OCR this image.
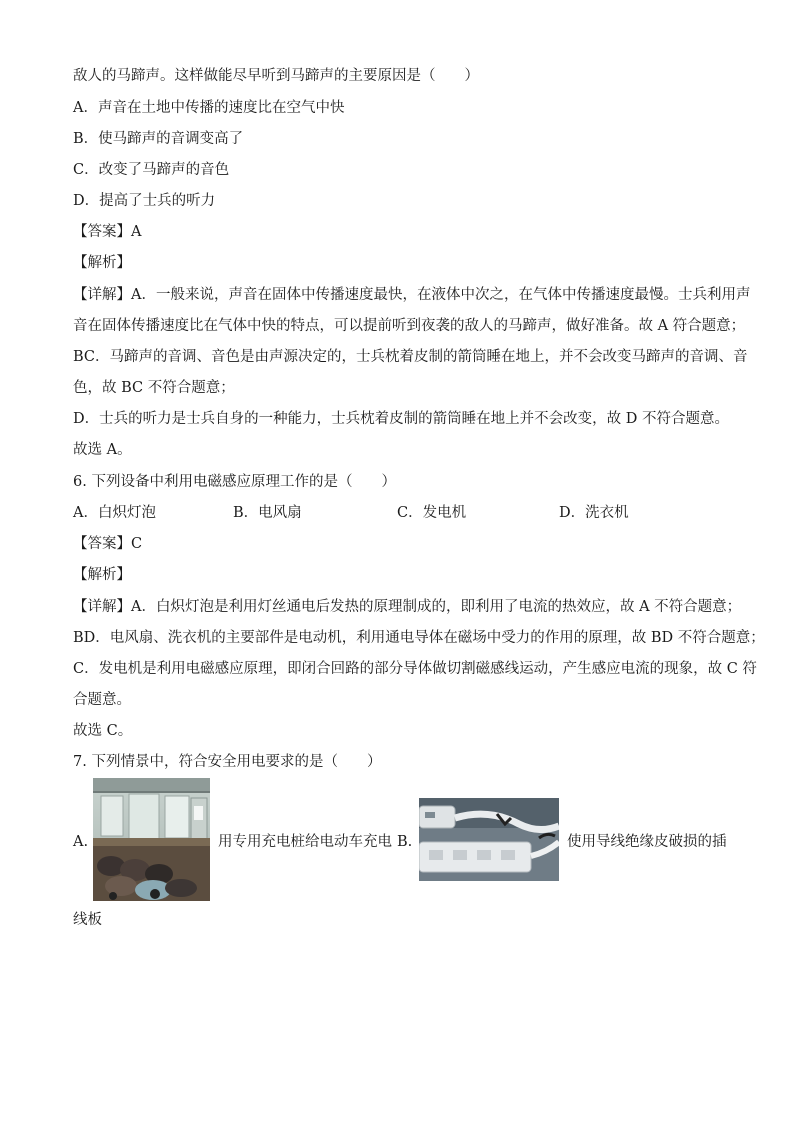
敌人的马蹄声。这样做能尽早听到马蹄声的主要原因是（　　）
A．声音在土地中传播的速度比在空气中快
B．使马蹄声的音调变高了
C．改变了马蹄声的音色
D．提高了士兵的听力
【答案】A
【解析】
【详解】A．一般来说，声音在固体中传播速度最快，在液体中次之，在气体中传播速度最慢。士兵利用声
音在固体传播速度比在气体中快的特点，可以提前听到夜袭的敌人的马蹄声，做好准备。故 A 符合题意；
BC．马蹄声的音调、音色是由声源决定的，士兵枕着皮制的箭筒睡在地上，并不会改变马蹄声的音调、音
色，故 BC 不符合题意；
D．士兵的听力是士兵自身的一种能力，士兵枕着皮制的箭筒睡在地上并不会改变，故 D 不符合题意。
故选 A。
6. 下列设备中利用电磁感应原理工作的是（　　）
A．白炽灯泡	B．电风扇	C．发电机	D．洗衣机
【答案】C
【解析】
【详解】A．白炽灯泡是利用灯丝通电后发热的原理制成的，即利用了电流的热效应，故 A 不符合题意；
BD．电风扇、洗衣机的主要部件是电动机，利用通电导体在磁场中受力的作用的原理，故 BD 不符合题意；
C．发电机是利用电磁感应原理，即闭合回路的部分导体做切割磁感线运动，产生感应电流的现象，故 C 符
合题意。
故选 C。
7. 下列情景中，符合安全用电要求的是（　　）
A.	用专用充电桩给电动车充电 B.	使用导线绝缘皮破损的插
线板
